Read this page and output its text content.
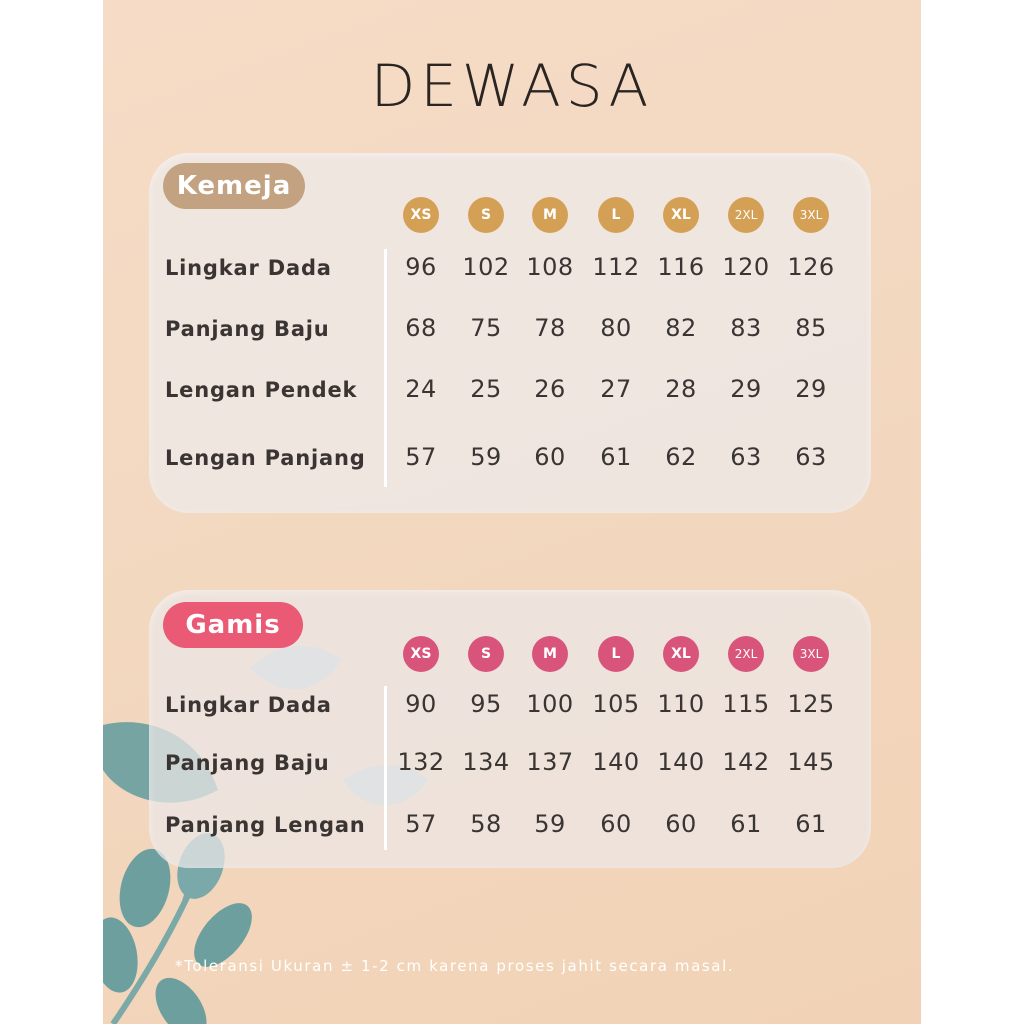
DEWASA
Kemeja
XS	S	M	L	XL	2XL	3XL
Lingkar Dada	96	102 108 112 116 120 126
Panjang Baju	68	75	78	80	82	83	85
Lengan Pendek	24	25	26	27	28	29	29
Lengan Panjang	57	59	60	61	62	63	63
Gamis
XS	S	M	L	XL	2XL	3XL
Lingkar Dada	90	95	100 105 110 115 125
Panjang Baju	132 134 137 140 140 142 145
Panjang Lengan	57	58	59	60	60	61	61
*Toleransi Ukuran ± 1-2 cm karena proses jahit secara masal.
